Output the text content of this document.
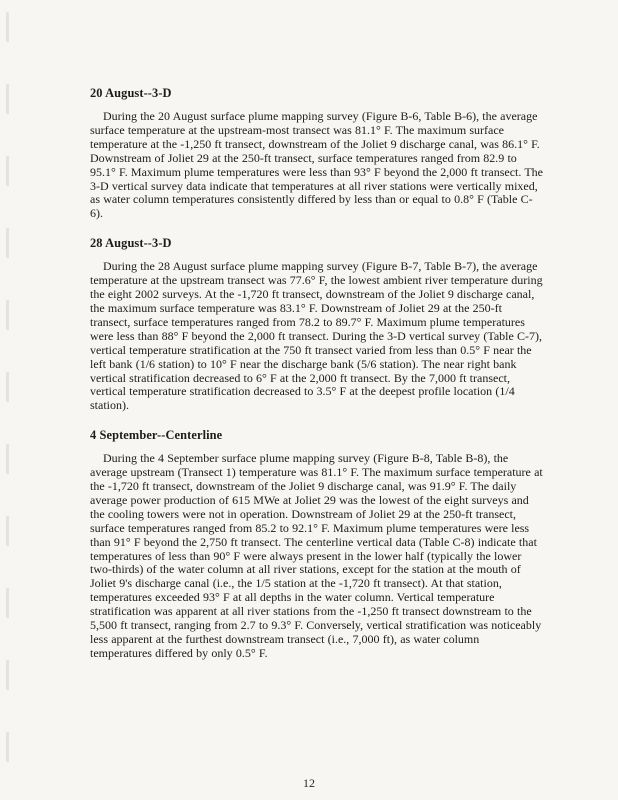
20 August--3-D

During the 20 August surface plume mapping survey (Figure B-6, Table B-6), the average surface temperature at the upstream-most transect was 81.1° F. The maximum surface temperature at the -1,250 ft transect, downstream of the Joliet 9 discharge canal, was 86.1° F. Downstream of Joliet 29 at the 250-ft transect, surface temperatures ranged from 82.9 to 95.1° F. Maximum plume temperatures were less than 93° F beyond the 2,000 ft transect. The 3-D vertical survey data indicate that temperatures at all river stations were vertically mixed, as water column temperatures consistently differed by less than or equal to 0.8° F (Table C-6).

28 August--3-D

During the 28 August surface plume mapping survey (Figure B-7, Table B-7), the average temperature at the upstream transect was 77.6° F, the lowest ambient river temperature during the eight 2002 surveys. At the -1,720 ft transect, downstream of the Joliet 9 discharge canal, the maximum surface temperature was 83.1° F. Downstream of Joliet 29 at the 250-ft transect, surface temperatures ranged from 78.2 to 89.7° F. Maximum plume temperatures were less than 88° F beyond the 2,000 ft transect. During the 3-D vertical survey (Table C-7), vertical temperature stratification at the 750 ft transect varied from less than 0.5° F near the left bank (1/6 station) to 10° F near the discharge bank (5/6 station). The near right bank vertical stratification decreased to 6° F at the 2,000 ft transect. By the 7,000 ft transect, vertical temperature stratification decreased to 3.5° F at the deepest profile location (1/4 station).

4 September--Centerline

During the 4 September surface plume mapping survey (Figure B-8, Table B-8), the average upstream (Transect 1) temperature was 81.1° F. The maximum surface temperature at the -1,720 ft transect, downstream of the Joliet 9 discharge canal, was 91.9° F. The daily average power production of 615 MWe at Joliet 29 was the lowest of the eight surveys and the cooling towers were not in operation. Downstream of Joliet 29 at the 250-ft transect, surface temperatures ranged from 85.2 to 92.1° F. Maximum plume temperatures were less than 91° F beyond the 2,750 ft transect. The centerline vertical data (Table C-8) indicate that temperatures of less than 90° F were always present in the lower half (typically the lower two-thirds) of the water column at all river stations, except for the station at the mouth of Joliet 9's discharge canal (i.e., the 1/5 station at the -1,720 ft transect). At that station, temperatures exceeded 93° F at all depths in the water column. Vertical temperature stratification was apparent at all river stations from the -1,250 ft transect downstream to the 5,500 ft transect, ranging from 2.7 to 9.3° F. Conversely, vertical stratification was noticeably less apparent at the furthest downstream transect (i.e., 7,000 ft), as water column temperatures differed by only 0.5° F.

12
